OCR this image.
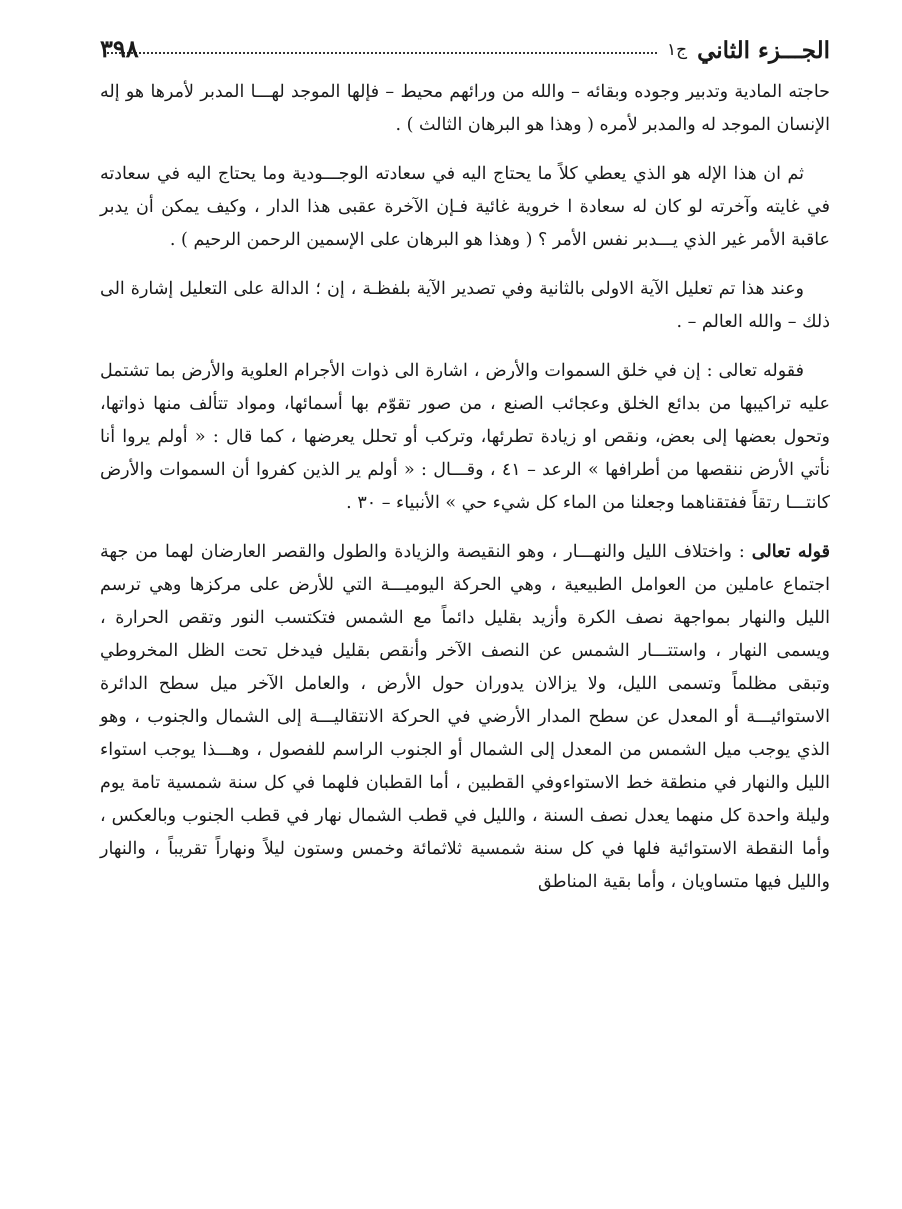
الجـــزء الثاني
ج١
٣٩٨

حاجته المادية وتدبير وجوده وبقائه – والله من ورائهم محيط – فإلها الموجد لهـــا المدبر لأمرها هو إله الإنسان الموجد له والمدبر لأمره ( وهذا هو البرهان الثالث ) .

ثم ان هذا الإله هو الذي يعطي كلاً ما يحتاج اليه في سعادته الوجـــودية وما يحتاج اليه في سعادته في غايته وآخرته لو كان له سعادة ا خروية غائية فـإن الآخرة عقبى هذا الدار ، وكيف يمكن أن يدبر عاقبة الأمر غير الذي يـــدبر نفس الأمر ؟ ( وهذا هو البرهان على الإسمين الرحمن الرحيم ) .

وعند هذا تم تعليل الآية الاولى بالثانية وفي تصدير الآية بلفظـة ، إن ؛ الدالة على التعليل إشارة الى ذلك – والله العالم – .

فقوله تعالى : إن في خلق السموات والأرض ، اشارة الى ذوات الأجرام العلوية والأرض بما تشتمل عليه تراكيبها من بدائع الخلق وعجائب الصنع ، من صور تقوّم بها أسمائها، ومواد تتألف منها ذواتها، وتحول بعضها إلى بعض، ونقص او زيادة تطرئها، وتركب أو تحلل يعرضها ، كما قال : « أولم يروا أنا نأتي الأرض ننقصها من أطرافها » الرعد – ٤١ ، وقـــال : « أولم ير الذين كفروا أن السموات والأرض كانتـــا رتقاً ففتقناهما وجعلنا من الماء كل شيء حي » الأنبياء – ٣٠ .

قوله تعالى : واختلاف الليل والنهـــار ، وهو النقيصة والزيادة والطول والقصر العارضان لهما من جهة اجتماع عاملين من العوامل الطبيعية ، وهي الحركة اليوميـــة التي للأرض على مركزها وهي ترسم الليل والنهار بمواجهة نصف الكرة وأزيد بقليل دائماً مع الشمس فتكتسب النور وتقص الحرارة ، ويسمى النهار ، واستتـــار الشمس عن النصف الآخر وأنقص بقليل فيدخل تحت الظل المخروطي وتبقى مظلماً وتسمى الليل، ولا يزالان يدوران حول الأرض ، والعامل الآخر ميل سطح الدائرة الاستوائيـــة أو المعدل عن سطح المدار الأرضي في الحركة الانتقاليـــة إلى الشمال والجنوب ، وهو الذي يوجب ميل الشمس من المعدل إلى الشمال أو الجنوب الراسم للفصول ، وهـــذا يوجب استواء الليل والنهار في منطقة خط الاستواءوفي القطبين ، أما القطبان فلهما في كل سنة شمسية تامة يوم وليلة واحدة كل منهما يعدل نصف السنة ، والليل في قطب الشمال نهار في قطب الجنوب وبالعكس ، وأما النقطة الاستوائية فلها في كل سنة شمسية ثلاثمائة وخمس وستون ليلاً ونهاراً تقريباً ، والنهار والليل فيها متساويان ، وأما بقية المناطق
